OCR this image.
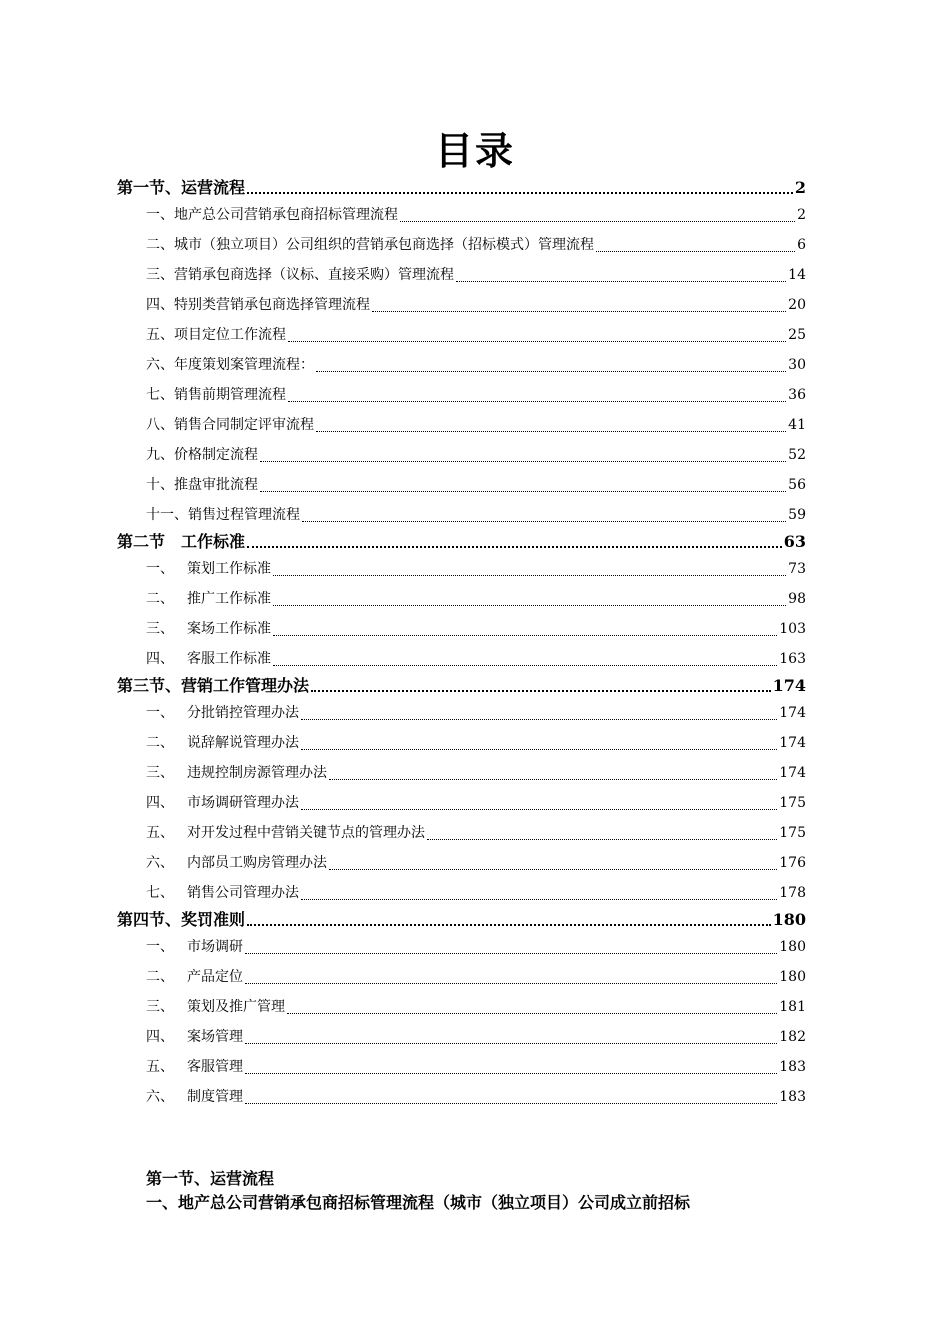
目录
第一节、运营流程	2
一、 地产总公司营销承包商招标管理流程	2
二、 城市（独立项目）公司组织的营销承包商选择（招标模式）管理流程	6
三、 营销承包商选择（议标、直接采购）管理流程	14
四、 特别类营销承包商选择管理流程	20
五、 项目定位工作流程	25
六、 年度策划案管理流程：	30
七、 销售前期管理流程	36
八、 销售合同制定评审流程	41
九、 价格制定流程	52
十、 推盘审批流程	56
十一、 销售过程管理流程	59
第二节　工作标准	63
一、 策划工作标准	73
二、 推广工作标准	98
三、 案场工作标准	103
四、 客服工作标准	163
第三节、营销工作管理办法	174
一、 分批销控管理办法	174
二、 说辞解说管理办法	174
三、 违规控制房源管理办法	174
四、 市场调研管理办法	175
五、 对开发过程中营销关键节点的管理办法	175
六、 内部员工购房管理办法	176
七、 销售公司管理办法	178
第四节、奖罚准则	180
一、 市场调研	180
二、 产品定位	180
三、 策划及推广管理	181
四、 案场管理	182
五、 客服管理	183
六、 制度管理	183
第一节、运营流程
一、地产总公司营销承包商招标管理流程（城市（独立项目）公司成立前招标
